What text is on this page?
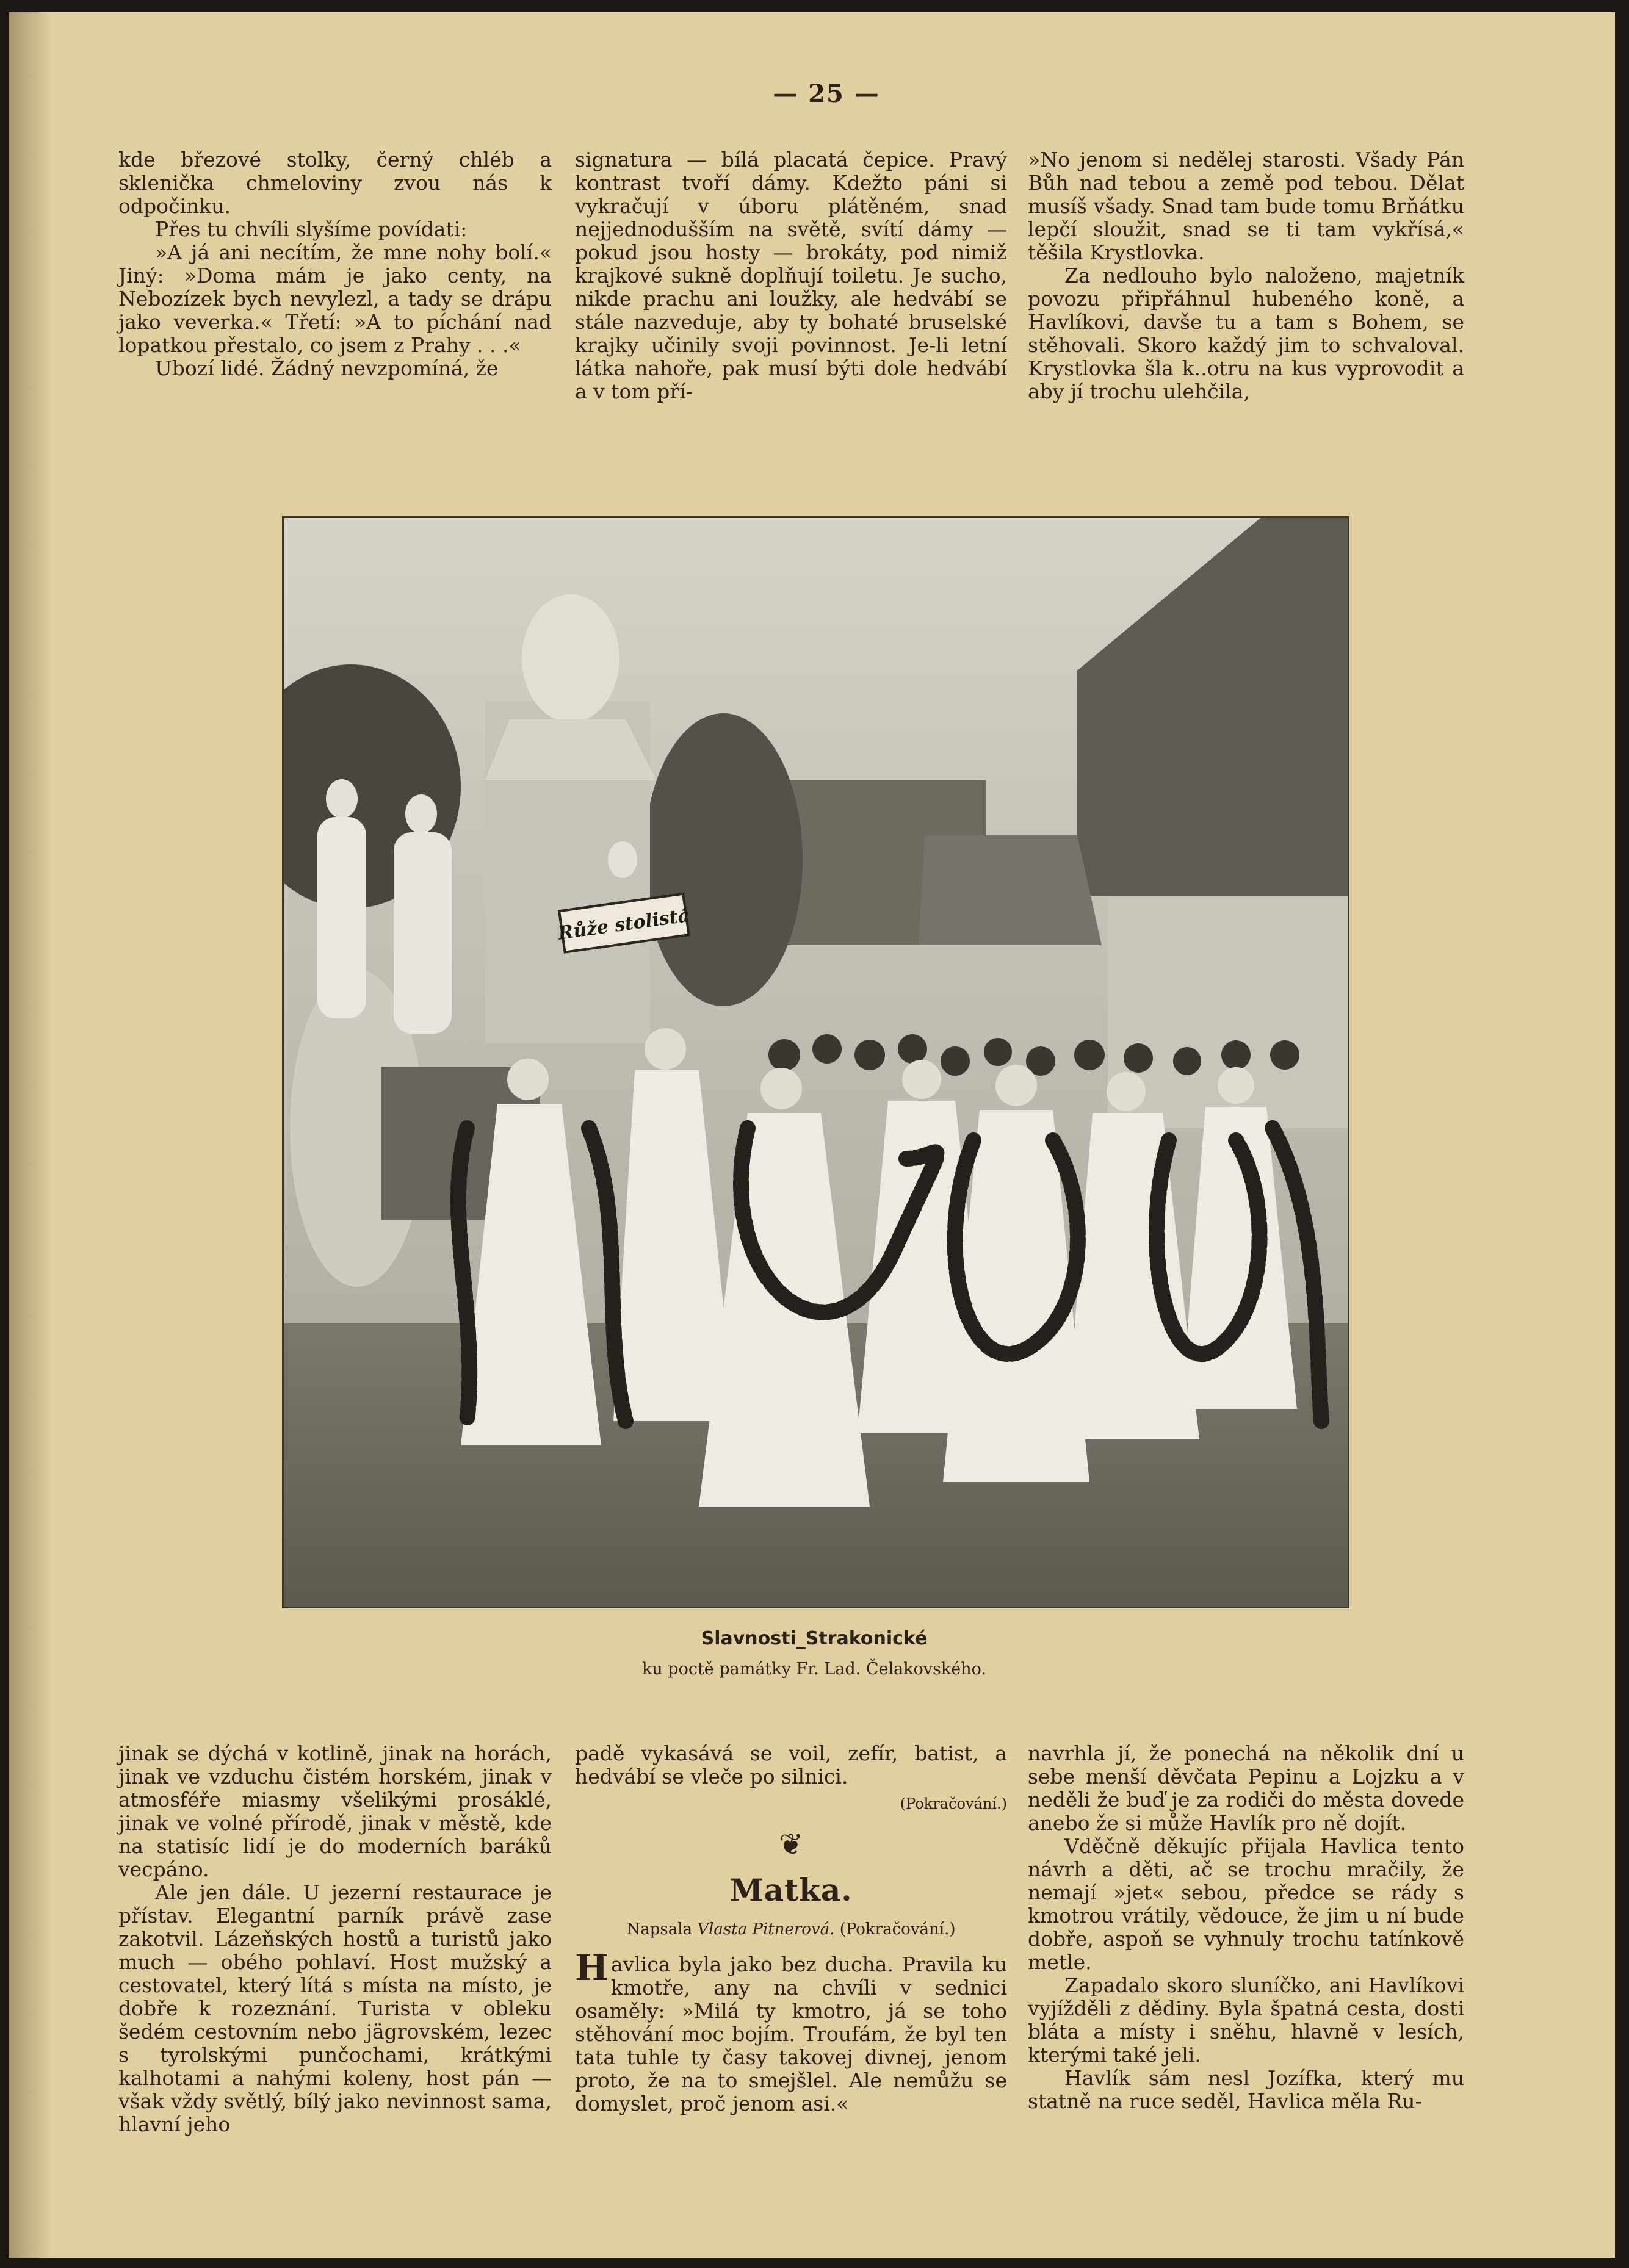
— 25 —

kde březové stolky, černý chléb a sklenička chmeloviny zvou nás k odpočinku.

Přes tu chvíli slyšíme povídati:

»A já ani necítím, že mne nohy bolí.« Jiný: »Doma mám je jako centy, na Nebozízek bych nevylezl, a tady se drápu jako veverka.« Třetí: »A to píchání nad lopatkou přestalo, co jsem z Prahy . . .«

Ubozí lidé. Žádný nevzpomíná, že

signatura — bílá placatá čepice. Pravý kontrast tvoří dámy. Kdežto páni si vykračují v úboru plátěném, snad nejjednodušším na světě, svítí dámy — pokud jsou hosty — brokáty, pod nimiž krajkové sukně doplňují toiletu. Je sucho, nikde prachu ani loužky, ale hedvábí se stále nazveduje, aby ty bohaté bruselské krajky učinily svoji povinnost. Je-li letní látka nahoře, pak musí býti dole hedvábí a v tom pří-

»No jenom si nedělej starosti. Všady Pán Bůh nad tebou a země pod tebou. Dělat musíš všady. Snad tam bude tomu Brňátku lepčí sloužit, snad se ti tam vykřísá,« těšila Krystlovka.

Za nedlouho bylo naloženo, majetník povozu připřáhnul hubeného koně, a Havlíkovi, davše tu a tam s Bohem, se stěhovali. Skoro každý jim to schvaloval. Krystlovka šla k..otru na kus vyprovodit a aby jí trochu ulehčila,

Růže stolistá
Slavnosti_Strakonické
ku poctě památky Fr. Lad. Čelakovského.

jinak se dýchá v kotlině, jinak na horách, jinak ve vzduchu čistém horském, jinak v atmosféře miasmy všelikými prosáklé, jinak ve volné přírodě, jinak v městě, kde na statisíc lidí je do moderních baráků vecpáno.

Ale jen dále. U jezerní restaurace je přístav. Elegantní parník právě zase zakotvil. Lázeňských hostů a turistů jako much — obého pohlaví. Host mužský a cestovatel, který lítá s místa na místo, je dobře k rozeznání. Turista v obleku šedém cestovním nebo jägrovském, lezec s tyrolskými punčochami, krátkými kalhotami a nahými koleny, host pán — však vždy světlý, bílý jako nevinnost sama, hlavní jeho

padě vykasává se voil, zefír, batist, a hedvábí se vleče po silnici.

(Pokračování.)
❦
Matka.
Napsala Vlasta Pitnerová. (Pokračování.)

Havlica byla jako bez ducha. Pravila ku kmotře, any na chvíli v sednici osaměly: »Milá ty kmotro, já se toho stěhování moc bojím. Troufám, že byl ten tata tuhle ty časy takovej divnej, jenom proto, že na to smejšlel. Ale nemůžu se domyslet, proč jenom asi.«

navrhla jí, že ponechá na několik dní u sebe menší děvčata Pepinu a Lojzku a v neděli že buď je za rodiči do města dovede anebo že si může Havlík pro ně dojít.

Vděčně děkujíc přijala Havlica tento návrh a děti, ač se trochu mračily, že nemají »jet« sebou, předce se rády s kmotrou vrátily, vědouce, že jim u ní bude dobře, aspoň se vyhnuly trochu tatínkově metle.

Zapadalo skoro sluníčko, ani Havlíkovi vyjížděli z dědiny. Byla špatná cesta, dosti bláta a místy i sněhu, hlavně v lesích, kterými také jeli.

Havlík sám nesl Jozífka, který mu statně na ruce seděl, Havlica měla Ru-
